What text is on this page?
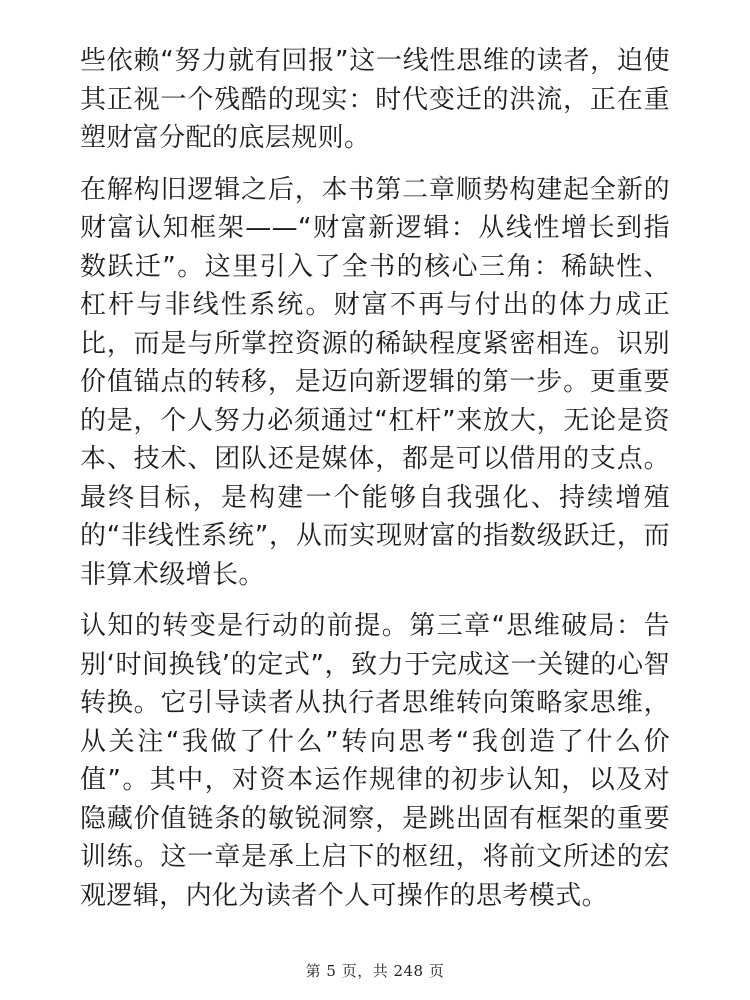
些依赖“努力就有回报”这一线性思维的读者，迫使其正视一个残酷的现实：时代变迁的洪流，正在重塑财富分配的底层规则。

在解构旧逻辑之后，本书第二章顺势构建起全新的财富认知框架——“财富新逻辑：从线性增长到指数跃迁”。这里引入了全书的核心三角：稀缺性、杠杆与非线性系统。财富不再与付出的体力成正比，而是与所掌控资源的稀缺程度紧密相连。识别价值锚点的转移，是迈向新逻辑的第一步。更重要的是，个人努力必须通过“杠杆”来放大，无论是资本、技术、团队还是媒体，都是可以借用的支点。最终目标，是构建一个能够自我强化、持续增殖的“非线性系统”，从而实现财富的指数级跃迁，而非算术级增长。

认知的转变是行动的前提。第三章“思维破局：告别‘时间换钱’的定式”，致力于完成这一关键的心智转换。它引导读者从执行者思维转向策略家思维，从关注“我做了什么”转向思考“我创造了什么价值”。其中，对资本运作规律的初步认知，以及对隐藏价值链条的敏锐洞察，是跳出固有框架的重要训练。这一章是承上启下的枢纽，将前文所述的宏观逻辑，内化为读者个人可操作的思考模式。

第 5 页，共 248 页
